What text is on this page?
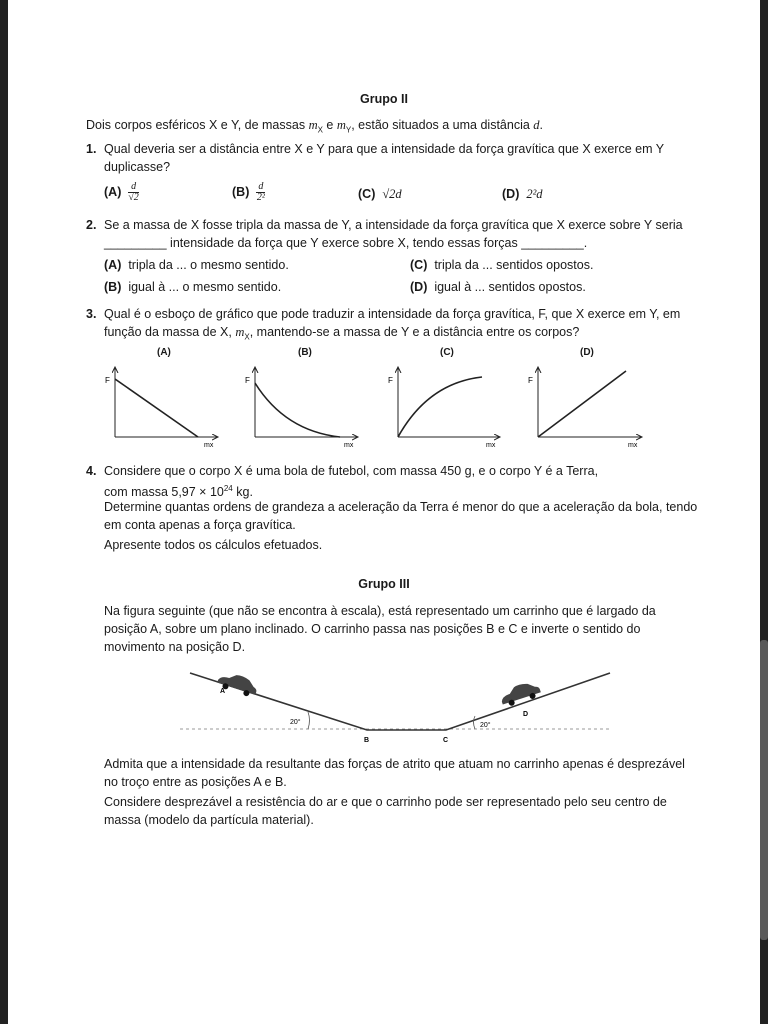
Grupo II
Dois corpos esféricos X e Y, de massas $m_X$ e $m_Y$, estão situados a uma distância d.
1. Qual deveria ser a distância entre X e Y para que a intensidade da força gravítica que X exerce em Y
duplicasse?
$(A) \frac{d}{√2}$	$(B) \frac{d}{\text{2²}}$	(C) √2d	(D) 2²d
2. Se a massa de X fosse tripla da massa de Y, a intensidade da força gravítica que X exerce sobre Y seria
_________ intensidade da força que Y exerce sobre X, tendo essas forças _________.
(A) tripla da ... o mesmo sentido.	(C) tripla da ... sentidos opostos.
(B) igual à ... o mesmo sentido.	(D) igual à ... sentidos opostos.
3. Qual é o esboço de gráfico que pode traduzir a intensidade da força gravítica, F, que X exerce em Y, em
função da massa de X, $m_X$, mantendo-se a massa de Y e a distância entre os corpos?
(A)	(B)	(C)	(D)
F
mx
F
mx
F
mx
F
mx
4. Considere que o corpo X é uma bola de futebol, com massa 450 g, e o corpo Y é a Terra,
com massa $5,97 \times 10^{24}$ kg.
Determine quantas ordens de grandeza a aceleração da Terra é menor do que a aceleração da bola, tendo
em conta apenas a força gravítica.
Apresente todos os cálculos efetuados.
Grupo III
Na figura seguinte (que não se encontra à escala), está representado um carrinho que é largado da
posição A, sobre um plano inclinado. O carrinho passa nas posições B e C e inverte o sentido do
movimento na posição D.
A
B	C
D
20°	20°
Admita que a intensidade da resultante das forças de atrito que atuam no carrinho apenas é desprezável
no troço entre as posições A e B.
Considere desprezável a resistência do ar e que o carrinho pode ser representado pelo seu centro de
massa (modelo da partícula material).
